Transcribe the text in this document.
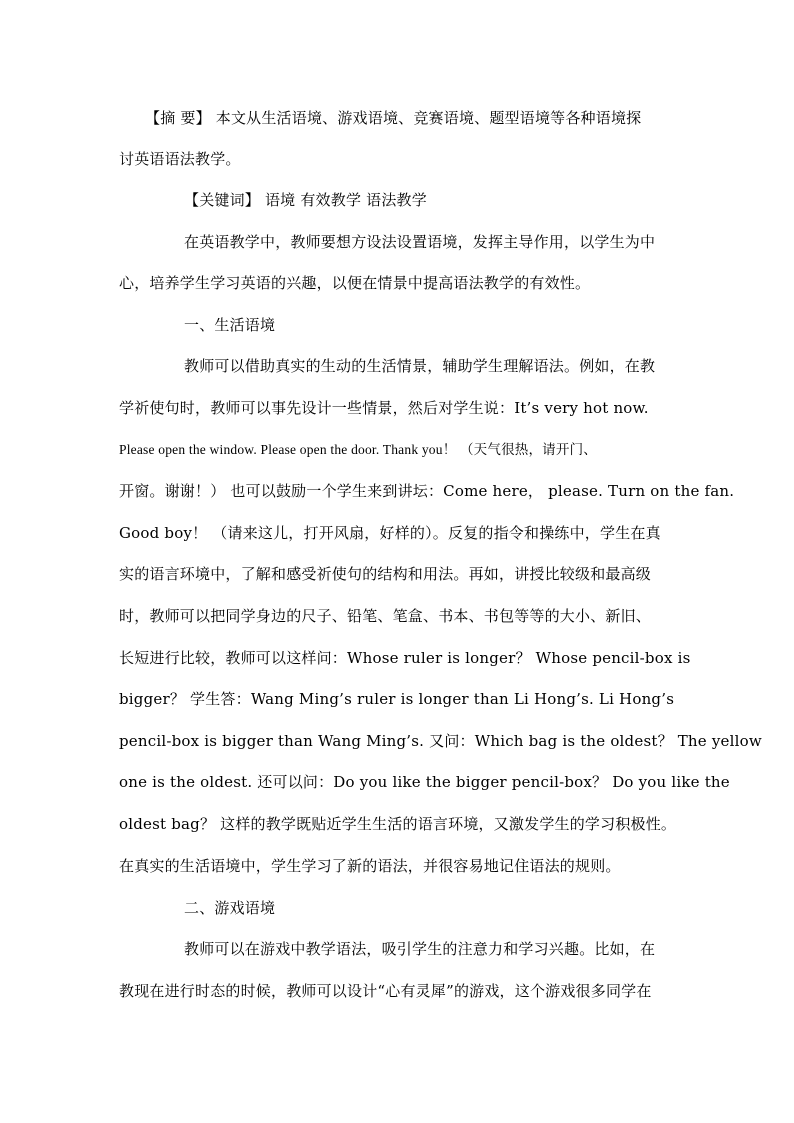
【摘 要】 本文从生活语境、游戏语境、竞赛语境、题型语境等各种语境探
讨英语语法教学。
【关键词】 语境 有效教学 语法教学
在英语教学中，教师要想方设法设置语境，发挥主导作用，以学生为中
心，培养学生学习英语的兴趣，以便在情景中提高语法教学的有效性。
一、生活语境
教师可以借助真实的生动的生活情景，辅助学生理解语法。例如，在教
学祈使句时，教师可以事先设计一些情景，然后对学生说：It’s very hot now.
Please open the window. Please open the door. Thank you！ （天气很热，请开门、
开窗。谢谢！） 也可以鼓励一个学生来到讲坛：Come here， please. Turn on the fan.
Good boy！ （请来这儿，打开风扇，好样的）。反复的指令和操练中，学生在真
实的语言环境中，了解和感受祈使句的结构和用法。再如，讲授比较级和最高级
时，教师可以把同学身边的尺子、铅笔、笔盒、书本、书包等等的大小、新旧、
长短进行比较，教师可以这样问：Whose ruler is longer？ Whose pencil-box is
bigger？ 学生答：Wang Ming’s ruler is longer than Li Hong’s. Li Hong’s
pencil-box is bigger than Wang Ming’s. 又问：Which bag is the oldest？ The yellow
one is the oldest. 还可以问：Do you like the bigger pencil-box？ Do you like the
oldest bag？ 这样的教学既贴近学生生活的语言环境，又激发学生的学习积极性。
在真实的生活语境中，学生学习了新的语法，并很容易地记住语法的规则。
二、游戏语境
教师可以在游戏中教学语法，吸引学生的注意力和学习兴趣。比如，在
教现在进行时态的时候，教师可以设计“心有灵犀”的游戏，这个游戏很多同学在
